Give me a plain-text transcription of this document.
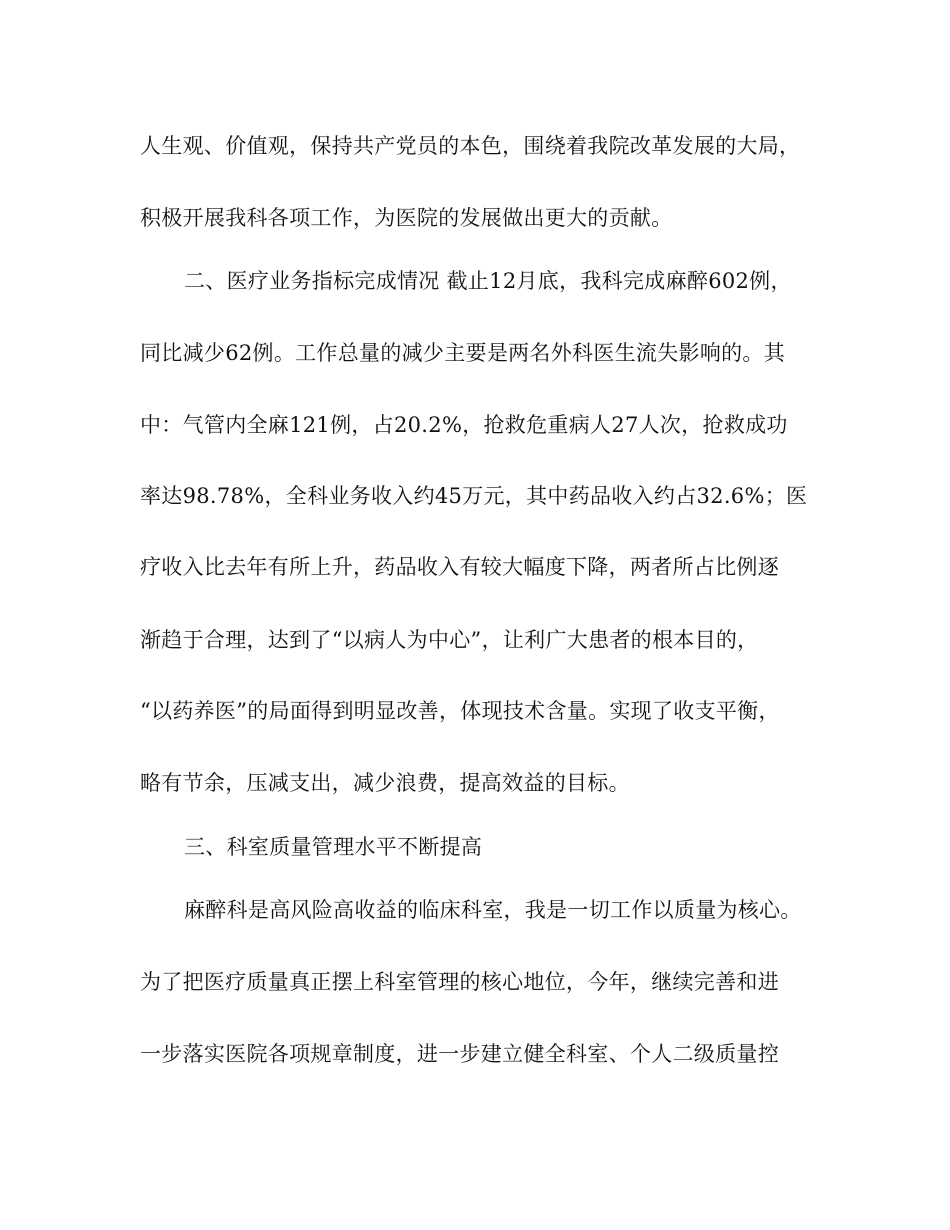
人生观、价值观，保持共产党员的本色，围绕着我院改革发展的大局，
积极开展我科各项工作，为医院的发展做出更大的贡献。
二、医疗业务指标完成情况 截止12月底，我科完成麻醉602例，
同比减少62例。工作总量的减少主要是两名外科医生流失影响的。其
中：气管内全麻121例，占20.2%，抢救危重病人27人次，抢救成功
率达98.78%，全科业务收入约45万元，其中药品收入约占32.6%；医
疗收入比去年有所上升，药品收入有较大幅度下降，两者所占比例逐
渐趋于合理，达到了“以病人为中心”，让利广大患者的根本目的，
“以药养医”的局面得到明显改善，体现技术含量。实现了收支平衡，
略有节余，压减支出，减少浪费，提高效益的目标。
三、科室质量管理水平不断提高
麻醉科是高风险高收益的临床科室，我是一切工作以质量为核心。
为了把医疗质量真正摆上科室管理的核心地位，今年，继续完善和进
一步落实医院各项规章制度，进一步建立健全科室、个人二级质量控
